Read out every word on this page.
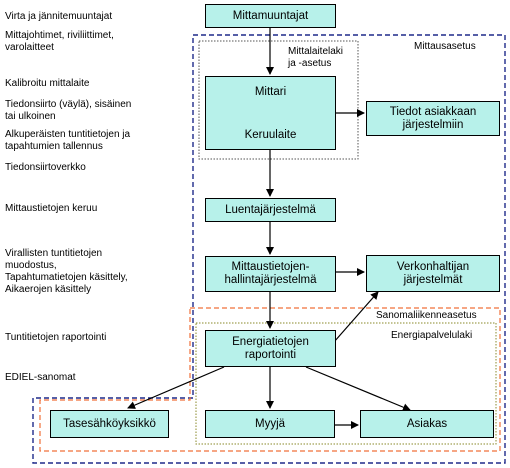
Virta ja jännitemuuntajat
Mittajohtimet, riviliittimet,
varolaitteet
Kalibroitu mittalaite
Tiedonsiirto (väylä), sisäinen
tai ulkoinen
Alkuperäisten tuntitietojen ja
tapahtumien tallennus
Tiedonsiirtoverkko
Mittaustietojen keruu
Virallisten tuntitietojen
muodostus,
Tapahtumatietojen käsittely,
Aikaerojen käsittely
Tuntitietojen raportointi
EDIEL-sanomat
Mittausasetus
Mittalaitelaki
ja -asetus
Sanomaliikenneasetus
Energiapalvelulaki
Mittamuuntajat

Mittari

Keruulaite

Tiedot asiakkaan
järjestelmiin
Luentajärjestelmä
Mittaustietojen-
hallintajärjestelmä
Verkonhaltijan
järjestelmät
Energiatietojen
raportointi
Tasesähköyksikkö	Myyjä	Asiakas
